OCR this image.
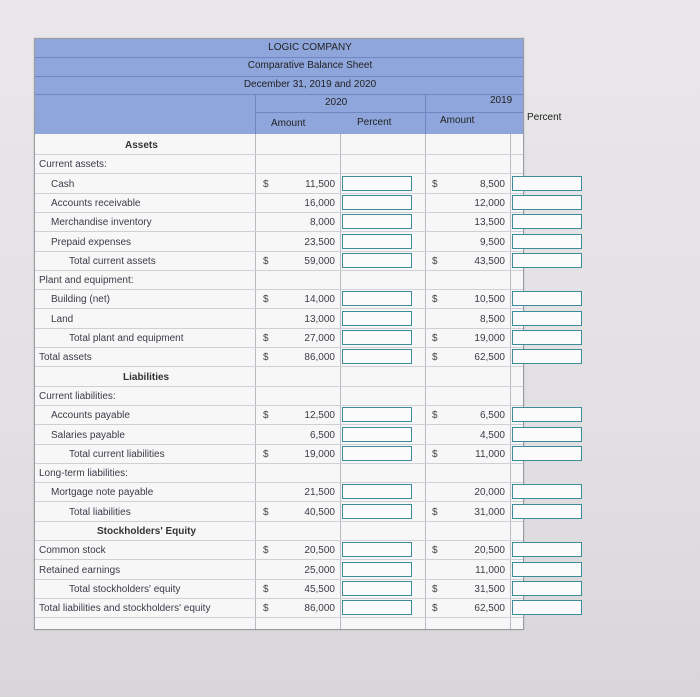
LOGIC COMPANY
Comparative Balance Sheet
December 31, 2019 and 2020
2020	2019
Amount	Percent	Amount	Percent
Assets
Current assets:
Cash	$	11,500	$	8,500
Accounts receivable	16,000	12,000
Merchandise inventory	8,000	13,500
Prepaid expenses	23,500	9,500
Total current assets	$	59,000	$	43,500
Plant and equipment:
Building (net)	$	14,000	$	10,500
Land	13,000	8,500
Total plant and equipment	$	27,000	$	19,000
Total assets	$	86,000	$	62,500
Liabilities
Current liabilities:
Accounts payable	$	12,500	$	6,500
Salaries payable	6,500	4,500
Total current liabilities	$	19,000	$	11,000
Long-term liabilities:
Mortgage note payable	21,500	20,000
Total liabilities	$	40,500	$	31,000
Stockholders' Equity
Common stock	$	20,500	$	20,500
Retained earnings	25,000	11,000
Total stockholders' equity	$	45,500	$	31,500
Total liabilities and stockholders' equity	$	86,000	$	62,500
